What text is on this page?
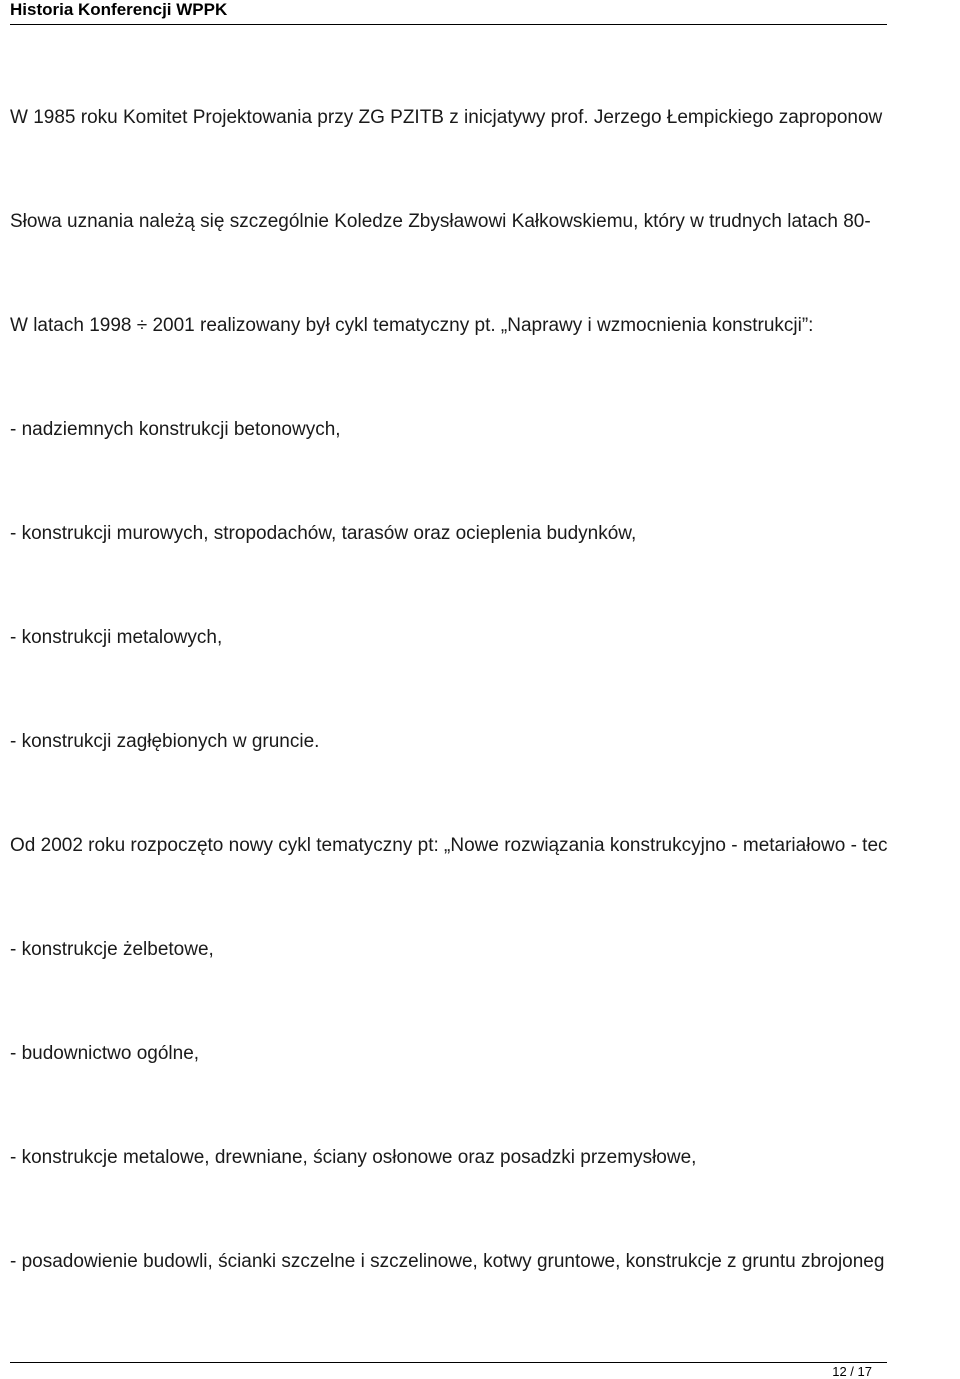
Historia Konferencji WPPK
W 1985 roku Komitet Projektowania przy ZG PZITB z inicjatywy prof. Jerzego Łempickiego zaproponow
Słowa uznania należą się szczególnie Koledze Zbysławowi Kałkowskiemu, który w trudnych latach 80-
W latach 1998 ÷ 2001 realizowany był cykl tematyczny pt. „Naprawy i wzmocnienia konstrukcji”:
- nadziemnych konstrukcji betonowych,
- konstrukcji murowych, stropodachów, tarasów oraz ocieplenia budynków,
- konstrukcji metalowych,
- konstrukcji zagłębionych w gruncie.
Od 2002 roku rozpoczęto nowy cykl tematyczny pt: „Nowe rozwiązania konstrukcyjno - metariałowo - tec
- konstrukcje żelbetowe,
- budownictwo ogólne,
- konstrukcje metalowe, drewniane, ściany osłonowe oraz posadzki przemysłowe,
- posadowienie budowli, ścianki szczelne i szczelinowe, kotwy gruntowe, konstrukcje z gruntu zbrojoneg
12 / 17
